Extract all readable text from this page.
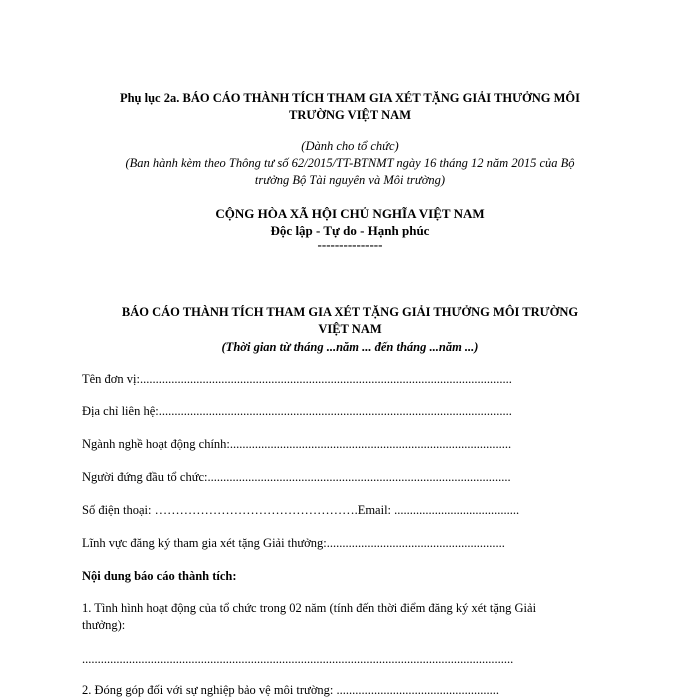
Phụ lục 2a. BÁO CÁO THÀNH TÍCH THAM GIA XÉT TẶNG GIẢI THƯỞNG MÔI
TRƯỜNG VIỆT NAM
(Dành cho tổ chức)
(Ban hành kèm theo Thông tư số 62/2015/TT-BTNMT ngày 16 tháng 12 năm 2015 của Bộ
trưởng Bộ Tài nguyên và Môi trường)
CỘNG HÒA XÃ HỘI CHỦ NGHĨA VIỆT NAM
Độc lập - Tự do - Hạnh phúc
---------------
BÁO CÁO THÀNH TÍCH THAM GIA XÉT TẶNG GIẢI THƯỞNG MÔI TRƯỜNG
VIỆT NAM
(Thời gian từ tháng ...năm ... đến tháng ...năm ...)
Tên đơn vị:.......................................................................................................................
Địa chỉ liên hệ:.................................................................................................................
Ngành nghề hoạt động chính:..........................................................................................
Người đứng đầu tổ chức:.................................................................................................
Số điện thoại: ………………………………………….Email: ........................................
Lĩnh vực đăng ký tham gia xét tặng Giải thưởng:.........................................................
Nội dung báo cáo thành tích:
1. Tình hình hoạt động của tổ chức trong 02 năm (tính đến thời điểm đăng ký xét tặng Giải
thưởng):
..........................................................................................................................................
2. Đóng góp đối với sự nghiệp bảo vệ môi trường: ....................................................
